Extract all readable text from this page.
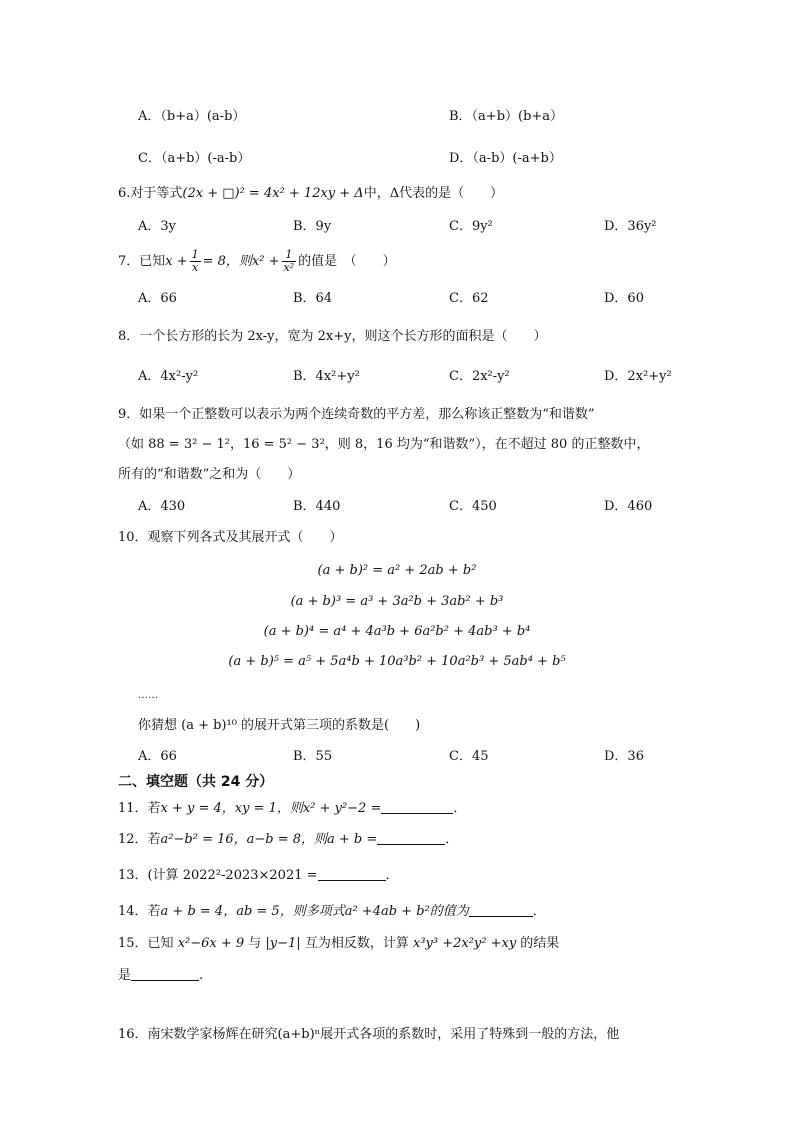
A．（b+a）(a-b）	B．（a+b）(b+a）
C．（a+b）(-a-b）	D．（a-b）(-a+b）
6.对于等式(2x + □)² = 4x² + 12xy + Δ中，Δ代表的是（　　）
A．3y	B．9y	C．9y²	D．36y²
7．已知$x + \frac{1}{x} = 8$，则$x^2 + \frac{1}{\text{x²}}$ 的值是　（　　）
A．66	B．64	C．62	D．60
8．一个长方形的长为 2x-y，宽为 2x+y，则这个长方形的面积是（　　）
A．4x²-y²	B．4x²+y²	C．2x²-y²	D．2x²+y²
9．如果一个正整数可以表示为两个连续奇数的平方差，那么称该正整数为“和谐数”
（如 88 = 3² − 1²，16 = 5² − 3²，则 8，16 均为“和谐数”），在不超过 80 的正整数中，
所有的“和谐数”之和为（　　）
A．430	B．440	C．450	D．460
10．观察下列各式及其展开式（　　）
(a + b)² = a² + 2ab + b²
(a + b)³ = a³ + 3a²b + 3ab² + b³
(a + b)⁴ = a⁴ + 4a³b + 6a²b² + 4ab³ + b⁴
(a + b)⁵ = a⁵ + 5a⁴b + 10a³b² + 10a²b³ + 5ab⁴ + b⁵
……
你猜想 (a + b)¹⁰ 的展开式第三项的系数是(　　)
A．66	B．55	C．45	D．36
二、填空题（共 24 分）
11．若x + y = 4，xy = 1，则x² + y²−2 =	．
12．若a²−b² = 16，a−b = 8，则a + b =	．
13．(计算 2022²-2023×2021 =	．
14．若a + b = 4，ab = 5，则多项式a² +4ab + b²的值为	．
15．已知 x²−6x + 9 与 |y−1| 互为相反数，计算 x³y³ +2x²y² +xy 的结果
是	.
16．南宋数学家杨辉在研究(a+b)ⁿ展开式各项的系数时，采用了特殊到一般的方法，他
